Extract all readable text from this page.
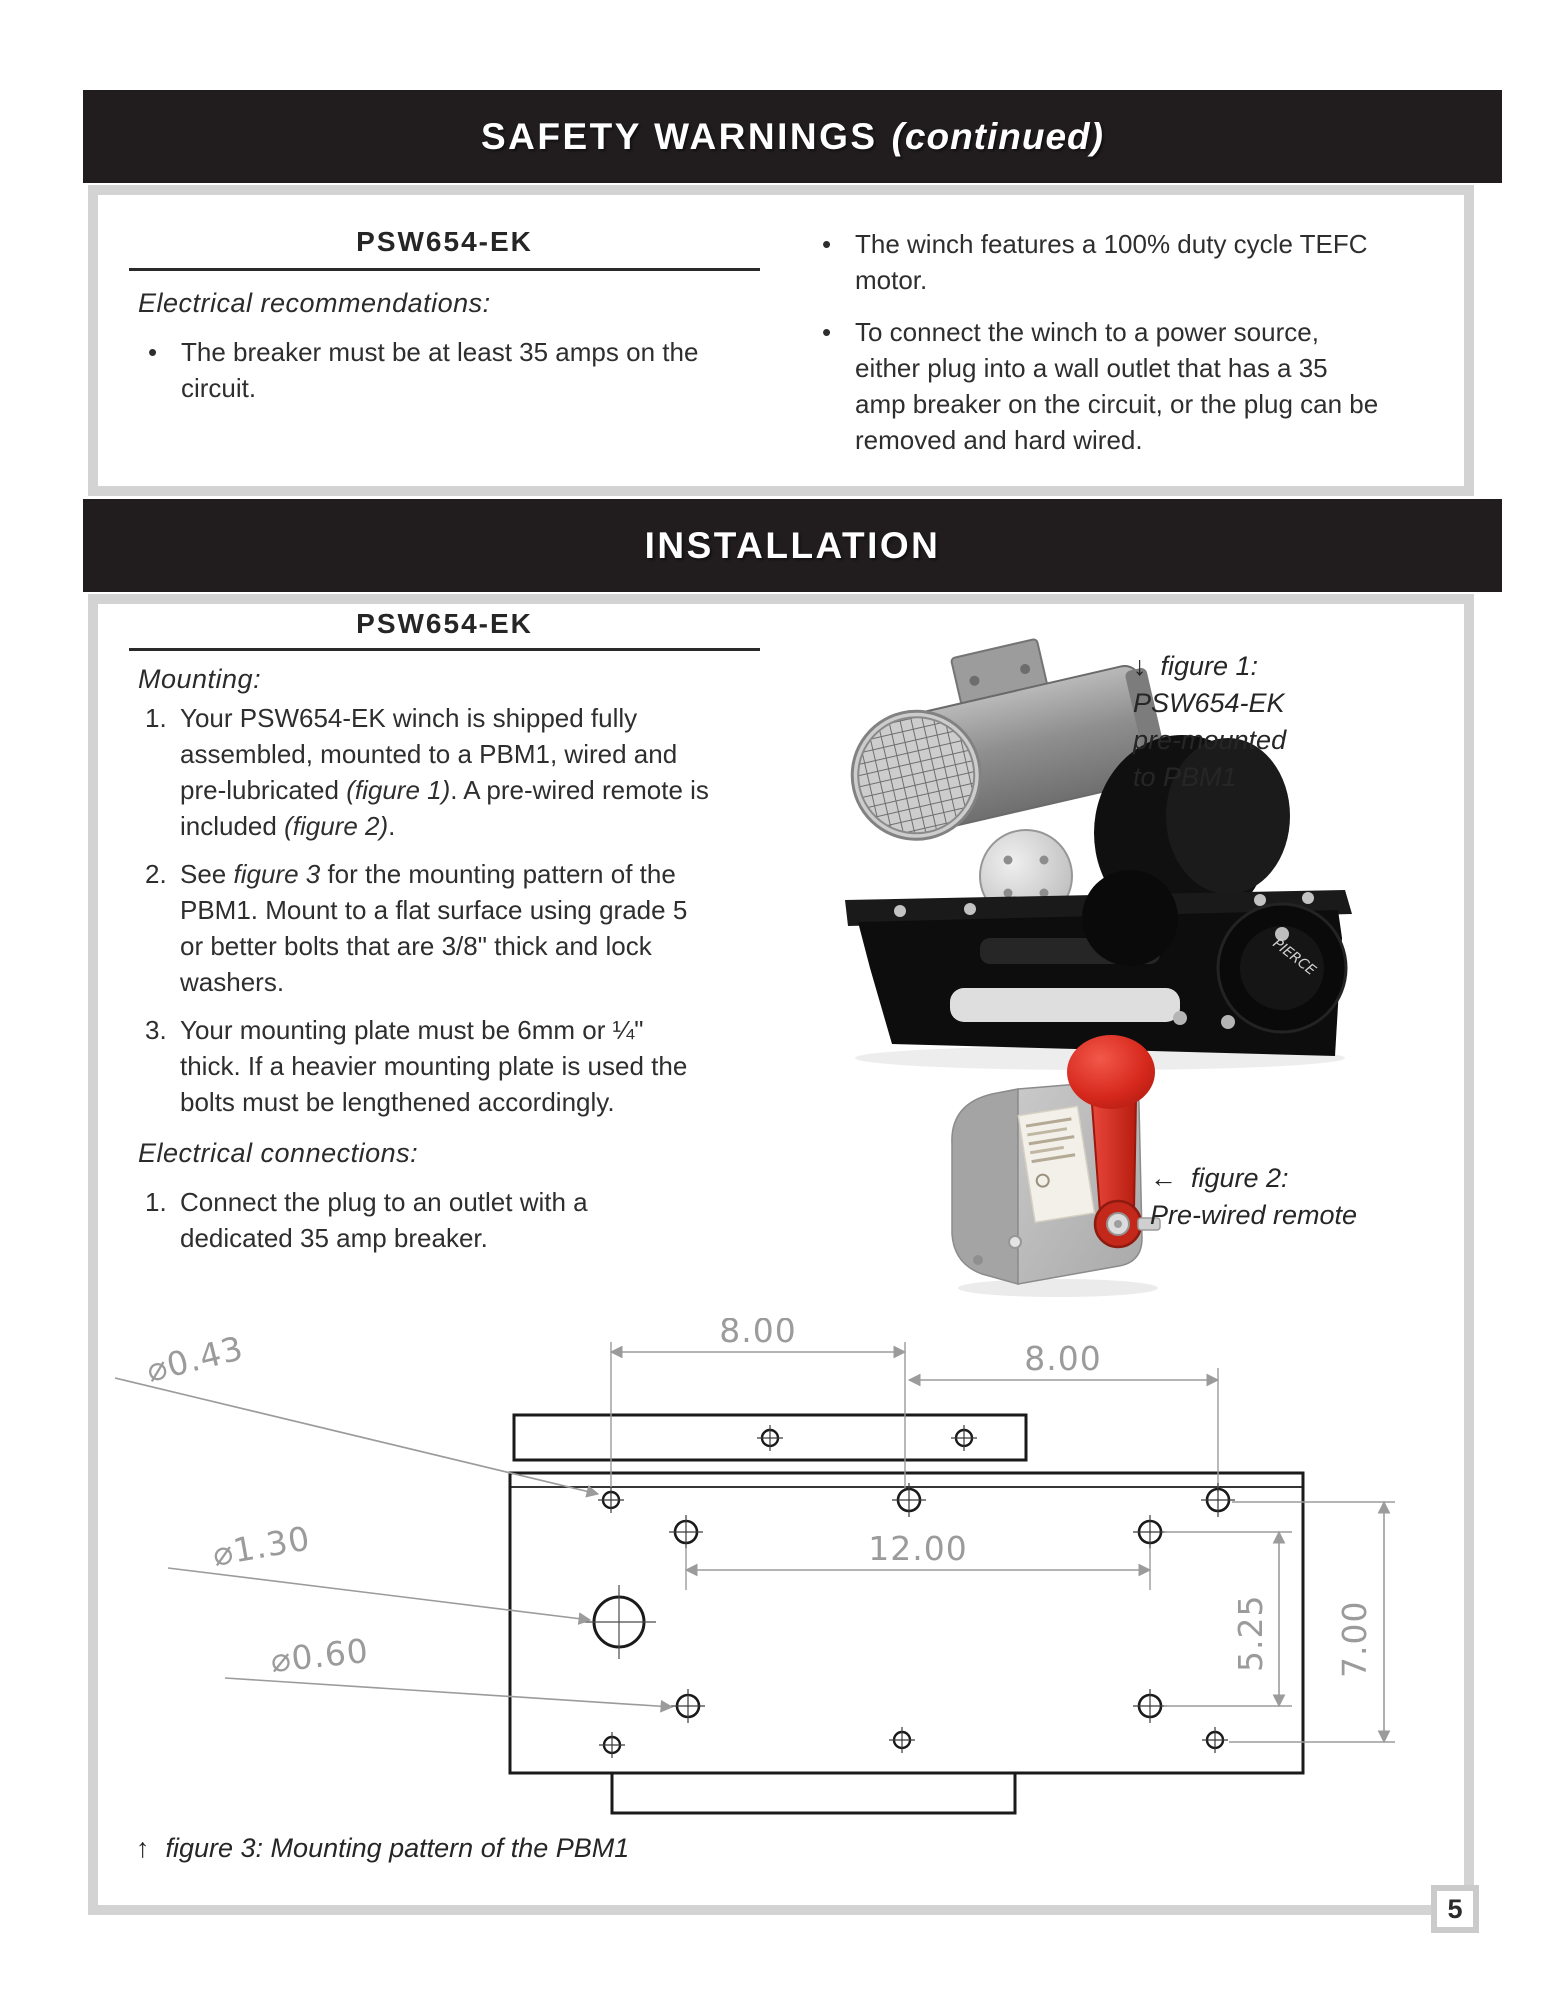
SAFETY WARNINGS (continued)
PSW654-EK
Electrical recommendations:
• The breaker must be at least 35 amps on the
circuit.
• The winch features a 100% duty cycle TEFC
motor.
• To connect the winch to a power source,
either plug into a wall outlet that has a 35
amp breaker on the circuit, or the plug can be
removed and hard wired.
INSTALLATION
PSW654-EK
Mounting:
1. Your PSW654-EK winch is shipped fully
assembled, mounted to a PBM1, wired and
pre-lubricated (figure 1). A pre-wired remote is
included (figure 2).
2. See figure 3 for the mounting pattern of the
PBM1. Mount to a flat surface using grade 5
or better bolts that are 3/8" thick and lock
washers.
3. Your mounting plate must be 6mm or ¼"
thick. If a heavier mounting plate is used the
bolts must be lengthened accordingly.
Electrical connections:
1. Connect the plug to an outlet with a
dedicated 35 amp breaker.
PIERCE
↓ figure 1:
PSW654-EK
pre-mounted
to PBM1
← figure 2:
Pre-wired remote
8.00
8.00
12.00
5.25 7.00
⌀0.43
⌀1.30
⌀0.60
↑ figure 3: Mounting pattern of the PBM1
5
